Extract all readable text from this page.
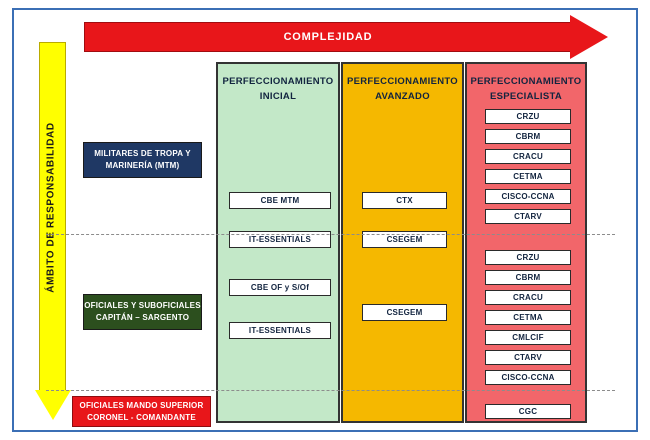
COMPLEJIDAD
ÁMBITO DE RESPONSABILIDAD
PERFECCIONAMIENTO
INICIAL
CBE MTM
IT-ESSENTIALS
CBE OF y S/Of
IT-ESSENTIALS
PERFECCIONAMIENTO
AVANZADO
CTX
CSEGEM
CSEGEM
PERFECCIONAMIENTO
ESPECIALISTA
CRZU
CBRM
CRACU
CETMA
CISCO-CCNA
CTARV
CRZU
CBRM
CRACU
CETMA
CMLCIF
CTARV
CISCO-CCNA
CGC
MILITARES DE TROPA Y
MARINERÍA (MTM)
OFICIALES Y SUBOFICIALES
CAPITÁN – SARGENTO
OFICIALES MANDO SUPERIOR
CORONEL - COMANDANTE
